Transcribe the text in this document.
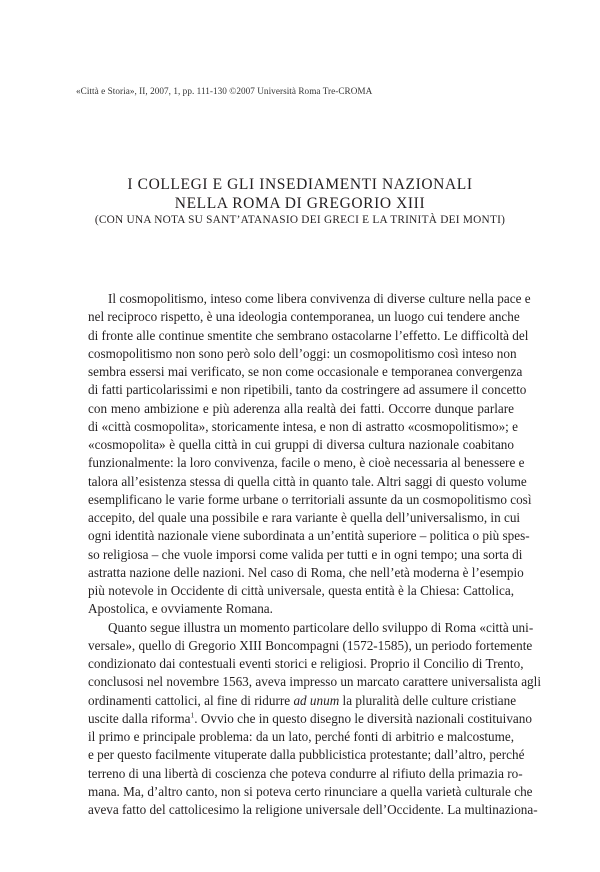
«Città e Storia», II, 2007, 1, pp. 111-130 ©2007 Università Roma Tre-CROMA
I COLLEGI E GLI INSEDIAMENTI NAZIONALI
NELLA ROMA DI GREGORIO XIII
(CON UNA NOTA SU SANT’ATANASIO DEI GRECI E LA TRINITÀ DEI MONTI)
Il cosmopolitismo, inteso come libera convivenza di diverse culture nella pace e
nel reciproco rispetto, è una ideologia contemporanea, un luogo cui tendere anche
di fronte alle continue smentite che sembrano ostacolarne l’effetto. Le difficoltà del
cosmopolitismo non sono però solo dell’oggi: un cosmopolitismo così inteso non
sembra essersi mai verificato, se non come occasionale e temporanea convergenza
di fatti particolarissimi e non ripetibili, tanto da costringere ad assumere il concetto
con meno ambizione e più aderenza alla realtà dei fatti. Occorre dunque parlare
di «città cosmopolita», storicamente intesa, e non di astratto «cosmopolitismo»; e
«cosmopolita» è quella città in cui gruppi di diversa cultura nazionale coabitano
funzionalmente: la loro convivenza, facile o meno, è cioè necessaria al benessere e
talora all’esistenza stessa di quella città in quanto tale. Altri saggi di questo volume
esemplificano le varie forme urbane o territoriali assunte da un cosmopolitismo così
accepito, del quale una possibile e rara variante è quella dell’universalismo, in cui
ogni identità nazionale viene subordinata a un’entità superiore – politica o più spes-
so religiosa – che vuole imporsi come valida per tutti e in ogni tempo; una sorta di
astratta nazione delle nazioni. Nel caso di Roma, che nell’età moderna è l’esempio
più notevole in Occidente di città universale, questa entità è la Chiesa: Cattolica,
Apostolica, e ovviamente Romana.
Quanto segue illustra un momento particolare dello sviluppo di Roma «città uni-
versale», quello di Gregorio XIII Boncompagni (1572-1585), un periodo fortemente
condizionato dai contestuali eventi storici e religiosi. Proprio il Concilio di Trento,
conclusosi nel novembre 1563, aveva impresso un marcato carattere universalista agli
ordinamenti cattolici, al fine di ridurre ad unum la pluralità delle culture cristiane
uscite dalla riforma$^1$. Ovvio che in questo disegno le diversità nazionali costituivano
il primo e principale problema: da un lato, perché fonti di arbitrio e malcostume,
e per questo facilmente vituperate dalla pubblicistica protestante; dall’altro, perché
terreno di una libertà di coscienza che poteva condurre al rifiuto della primazia ro-
mana. Ma, d’altro canto, non si poteva certo rinunciare a quella varietà culturale che
aveva fatto del cattolicesimo la religione universale dell’Occidente. La multinaziona-
